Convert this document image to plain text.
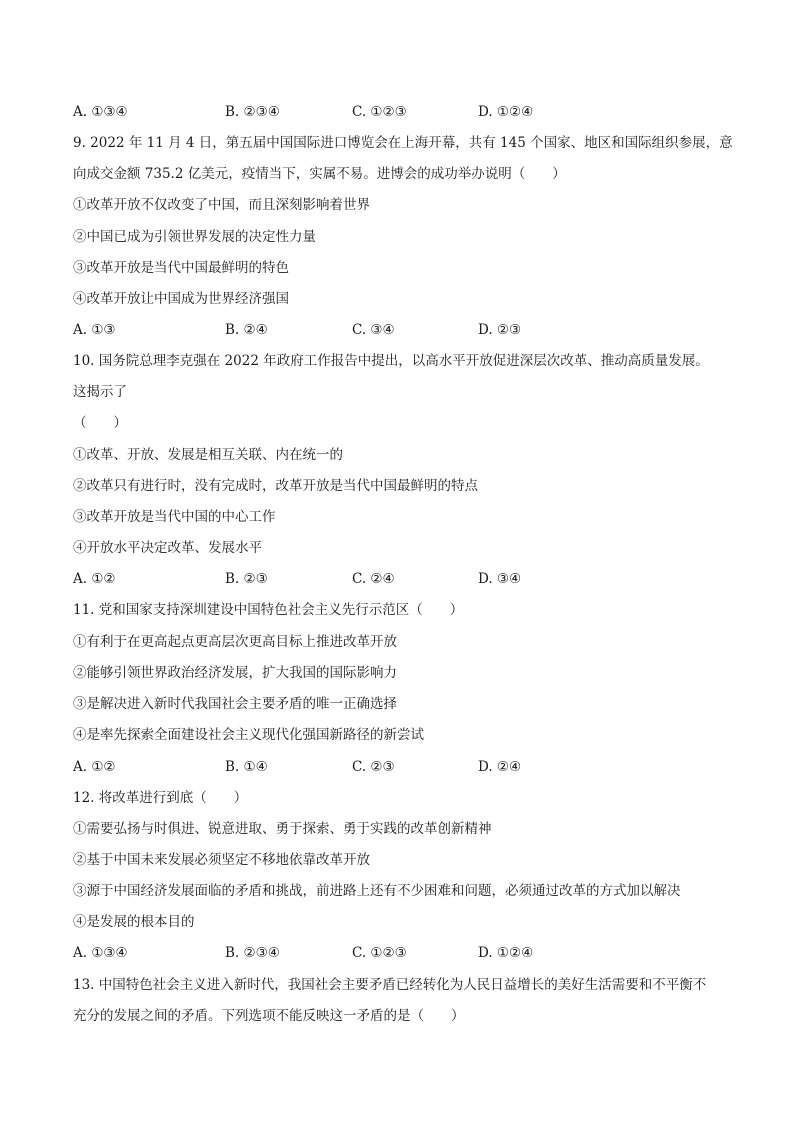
A. ①③④	B. ②③④	C. ①②③	D. ①②④
9. 2022 年 11 月 4 日，第五届中国国际进口博览会在上海开幕，共有 145 个国家、地区和国际组织参展，意
向成交金额 735.2 亿美元，疫情当下，实属不易。进博会的成功举办说明（　　）
①改革开放不仅改变了中国，而且深刻影响着世界
②中国已成为引领世界发展的决定性力量
③改革开放是当代中国最鲜明的特色
④改革开放让中国成为世界经济强国
A. ①③	B. ②④	C. ③④	D. ②③
10. 国务院总理李克强在 2022 年政府工作报告中提出，以高水平开放促进深层次改革、推动高质量发展。
这揭示了
（　　）
①改革、开放、发展是相互关联、内在统一的
②改革只有进行时，没有完成时，改革开放是当代中国最鲜明的特点
③改革开放是当代中国的中心工作
④开放水平决定改革、发展水平
A. ①②	B. ②③	C. ②④	D. ③④
11. 党和国家支持深圳建设中国特色社会主义先行示范区（　　）
①有利于在更高起点更高层次更高目标上推进改革开放
②能够引领世界政治经济发展，扩大我国的国际影响力
③是解决进入新时代我国社会主要矛盾的唯一正确选择
④是率先探索全面建设社会主义现代化强国新路径的新尝试
A. ①②	B. ①④	C. ②③	D. ②④
12. 将改革进行到底（　　）
①需要弘扬与时俱进、锐意进取、勇于探索、勇于实践的改革创新精神
②基于中国未来发展必须坚定不移地依靠改革开放
③源于中国经济发展面临的矛盾和挑战，前进路上还有不少困难和问题，必须通过改革的方式加以解决
④是发展的根本目的
A. ①③④	B. ②③④	C. ①②③	D. ①②④
13. 中国特色社会主义进入新时代，我国社会主要矛盾已经转化为人民日益增长的美好生活需要和不平衡不
充分的发展之间的矛盾。下列选项不能反映这一矛盾的是（　　）
